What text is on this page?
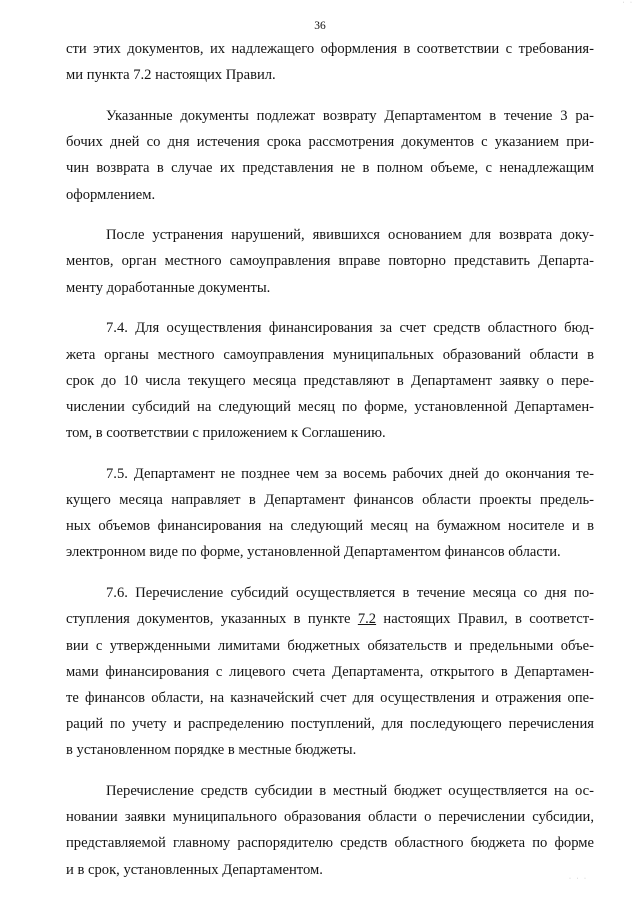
· ·
36

сти этих документов, их надлежащего оформления в соответствии с требования-
ми пункта 7.2 настоящих Правил.

Указанные документы подлежат возврату Департаментом в течение 3 ра-
бочих дней со дня истечения срока рассмотрения документов с указанием при-
чин возврата в случае их представления не в полном объеме, с ненадлежащим
оформлением.

После устранения нарушений, явившихся основанием для возврата доку-
ментов, орган местного самоуправления вправе повторно представить Департа-
менту доработанные документы.

7.4. Для осуществления финансирования за счет средств областного бюд-
жета органы местного самоуправления муниципальных образований области в
срок до 10 числа текущего месяца представляют в Департамент заявку о пере-
числении субсидий на следующий месяц по форме, установленной Департамен-
том, в соответствии с приложением к Соглашению.

7.5. Департамент не позднее чем за восемь рабочих дней до окончания те-
кущего месяца направляет в Департамент финансов области проекты предель-
ных объемов финансирования на следующий месяц на бумажном носителе и в
электронном виде по форме, установленной Департаментом финансов области.

7.6. Перечисление субсидий осуществляется в течение месяца со дня по-
ступления документов, указанных в пункте 7.2 настоящих Правил, в соответст-
вии с утвержденными лимитами бюджетных обязательств и предельными объе-
мами финансирования с лицевого счета Департамента, открытого в Департамен-
те финансов области, на казначейский счет для осуществления и отражения опе-
раций по учету и распределению поступлений, для последующего перечисления
в установленном порядке в местные бюджеты.

Перечисление средств субсидии в местный бюджет осуществляется на ос-
новании заявки муниципального образования области о перечислении субсидии,
представляемой главному распорядителю средств областного бюджета по форме
и в срок, установленных Департаментом.

· · ·
